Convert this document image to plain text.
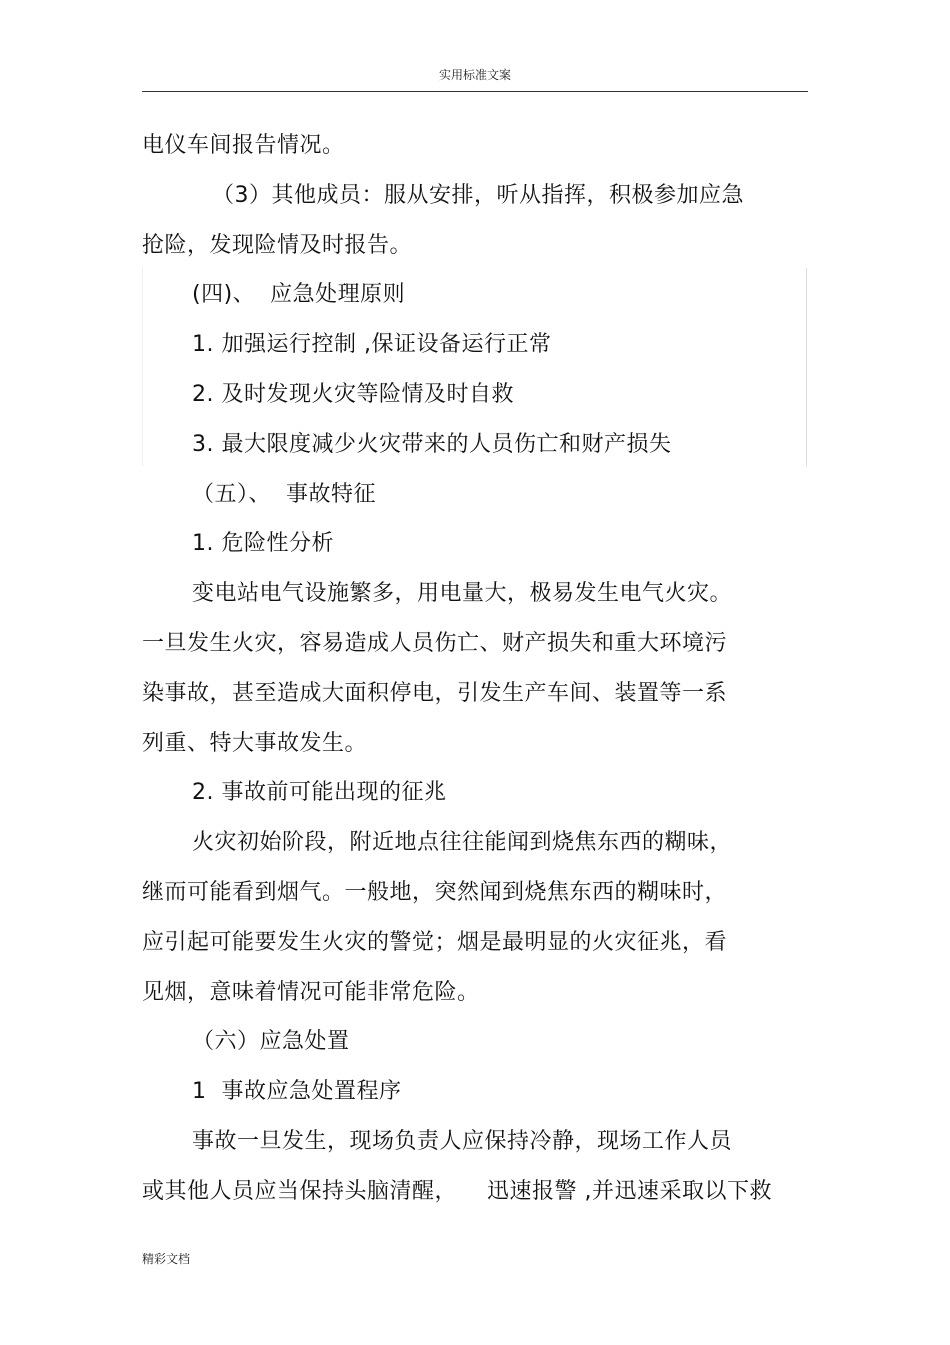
实用标准文案
电仪车间报告情况。
（3）其他成员：服从安排，听从指挥，积极参加应急
抢险，发现险情及时报告。
(四)、  应急处理原则
1. 加强运行控制 ,保证设备运行正常
2. 及时发现火灾等险情及时自救
3. 最大限度减少火灾带来的人员伤亡和财产损失
（五）、  事故特征
1. 危险性分析
变电站电气设施繁多，用电量大，极易发生电气火灾。
一旦发生火灾，容易造成人员伤亡、财产损失和重大环境污
染事故，甚至造成大面积停电，引发生产车间、装置等一系
列重、特大事故发生。
2. 事故前可能出现的征兆
火灾初始阶段，附近地点往往能闻到烧焦东西的糊味，
继而可能看到烟气。一般地，突然闻到烧焦东西的糊味时，
应引起可能要发生火灾的警觉；烟是最明显的火灾征兆，看
见烟，意味着情况可能非常危险。
（六）应急处置
1  事故应急处置程序
事故一旦发生，现场负责人应保持冷静，现场工作人员
或其他人员应当保持头脑清醒，    迅速报警 ,并迅速采取以下救
精彩文档
